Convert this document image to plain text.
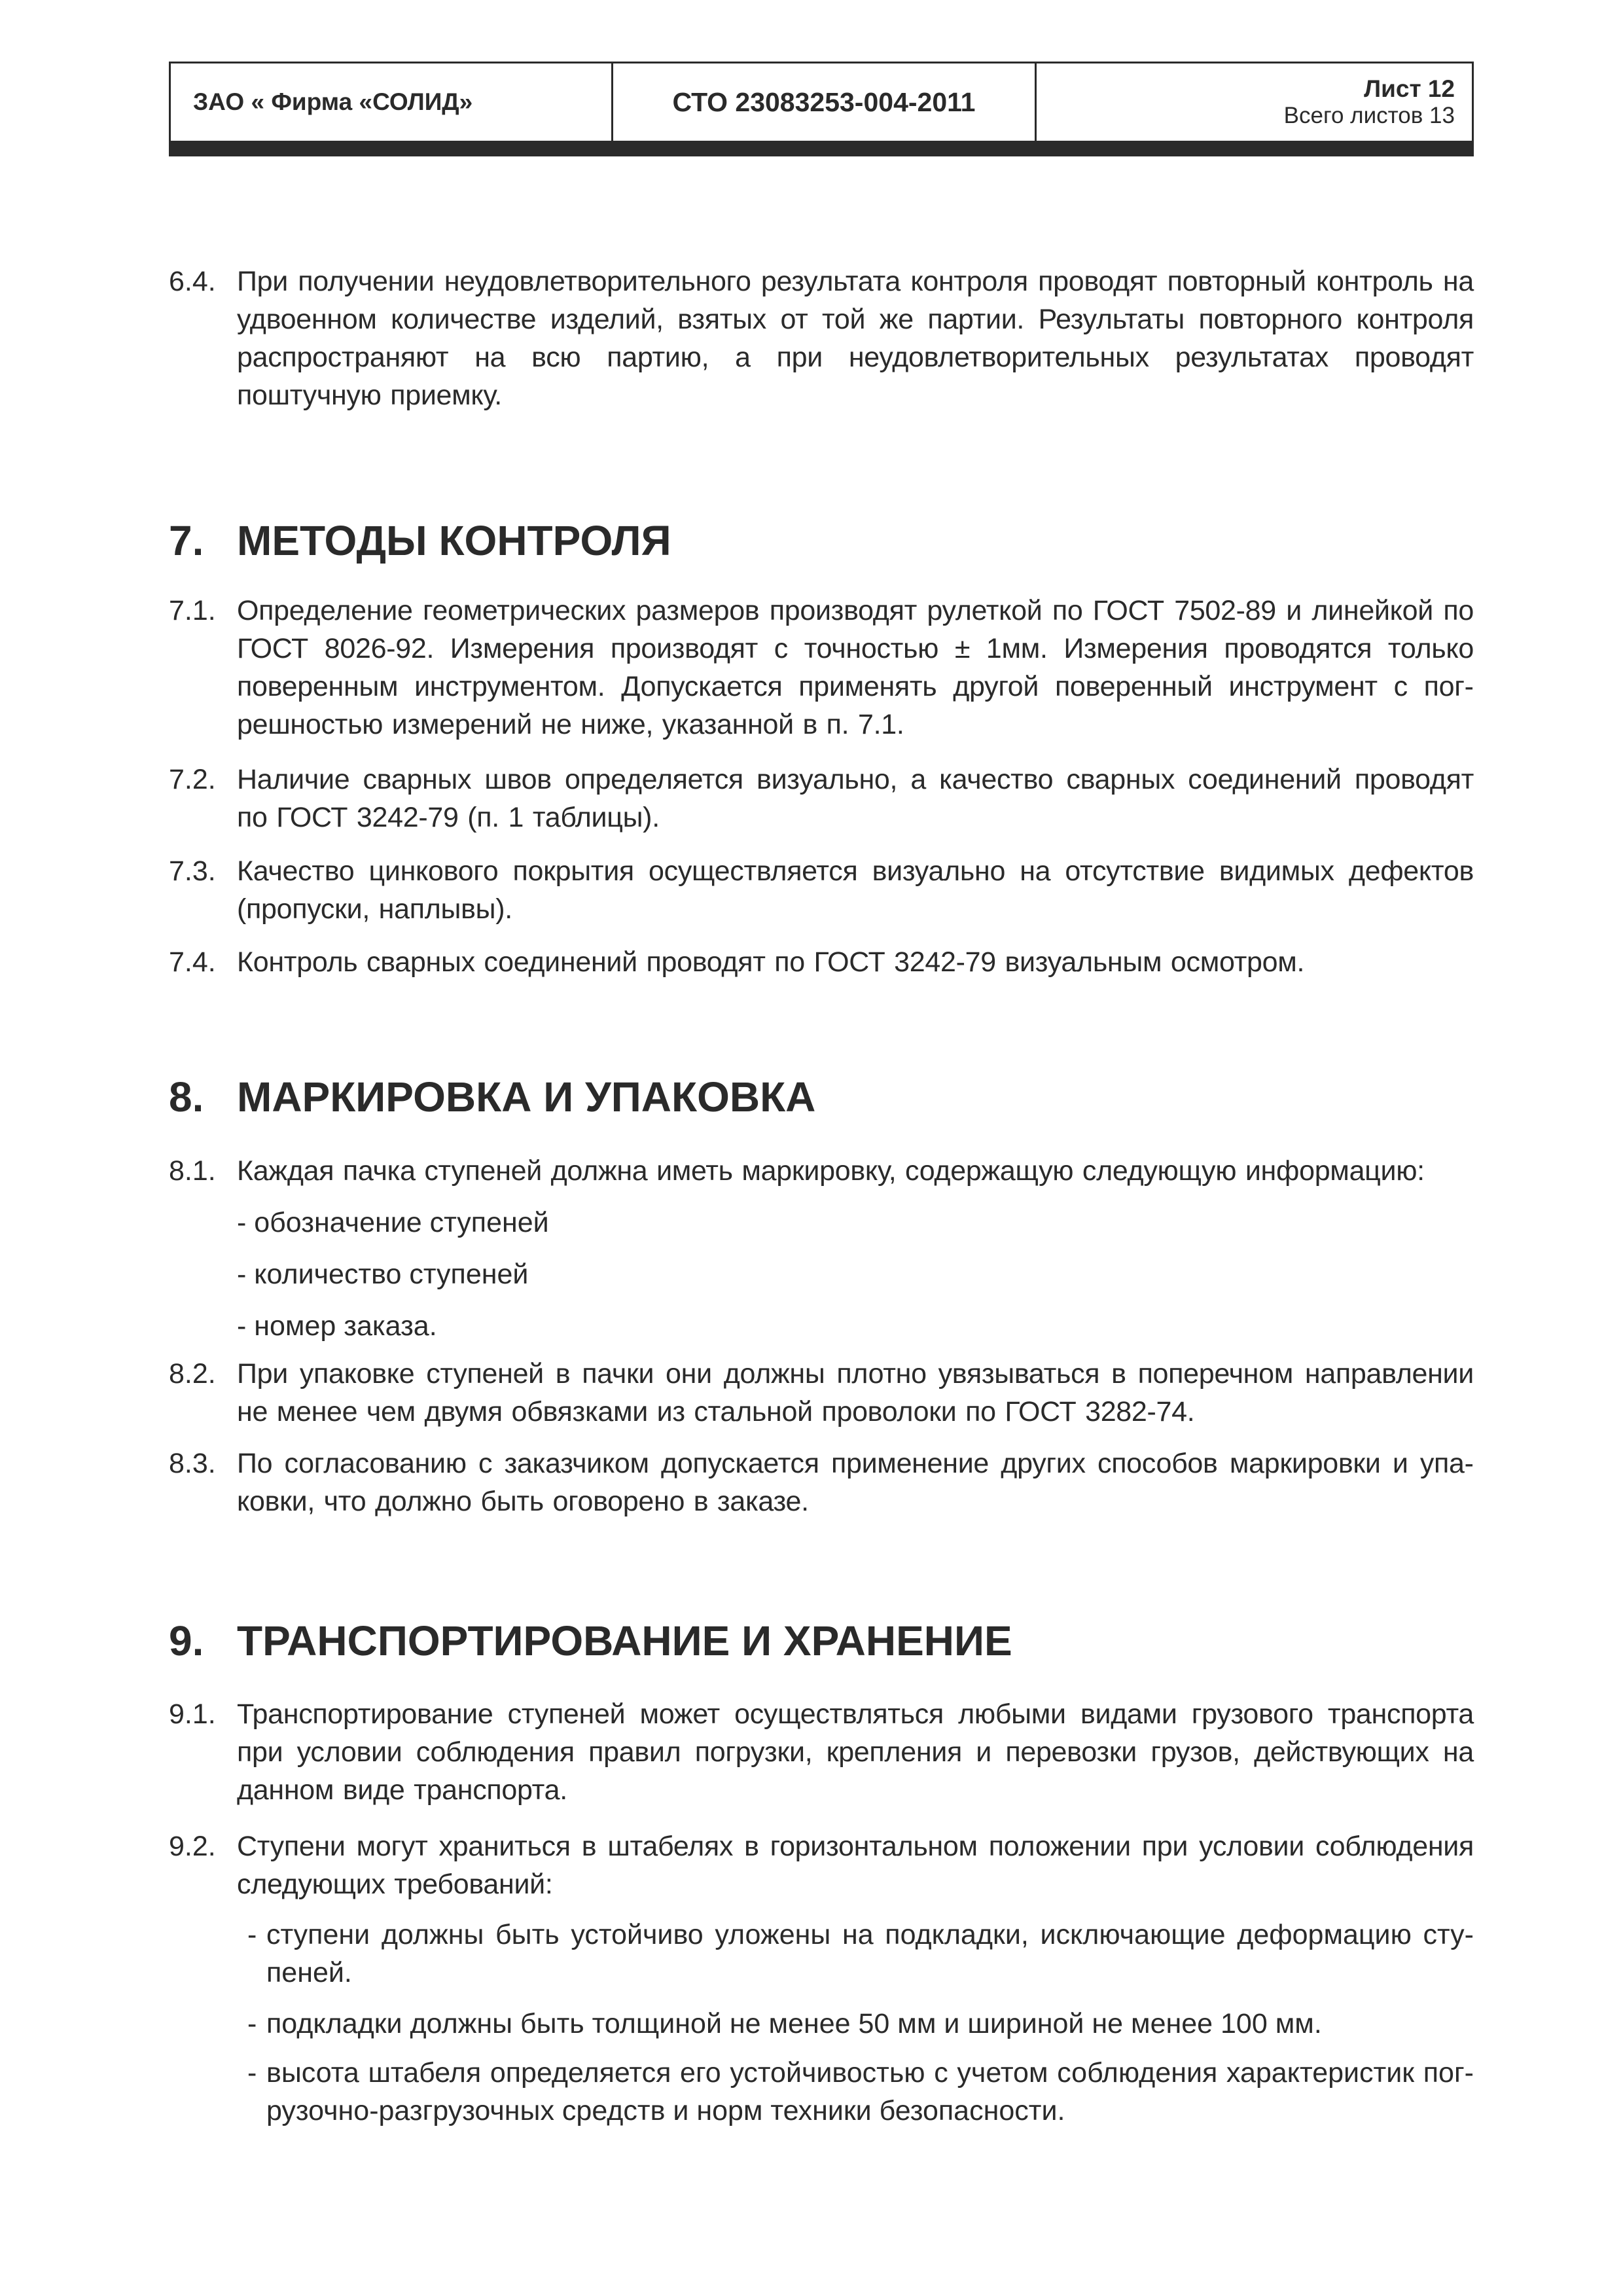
ЗАО « Фирма «СОЛИД»	СТО 23083253-004-2011	Лист 12
Всего листов 13
6.4. При получении неудовлетворительного результата контроля проводят повторный контроль на удвоенном количестве изделий, взятых от той же партии. Результаты повторного контроля распространяют на всю партию, а при неудовлетворительных результатах проводят поштучную приемку.
7. МЕТОДЫ КОНТРОЛЯ
7.1. Определение геометрических размеров производят рулеткой по ГОСТ 7502-89 и линейкой по ГОСТ 8026-92. Измерения производят с точностью ± 1мм. Измерения проводятся только поверенным инструментом. Допускается применять другой поверенный инструмент с погрешностью измерений не ниже, указанной в п. 7.1.
7.2. Наличие сварных швов определяется визуально, а качество сварных соединений проводят по ГОСТ 3242-79 (п. 1 таблицы).
7.3. Качество цинкового покрытия осуществляется визуально на отсутствие видимых дефектов (пропуски, наплывы).
7.4. Контроль сварных соединений проводят по ГОСТ 3242-79 визуальным осмотром.
8. МАРКИРОВКА И УПАКОВКА
8.1. Каждая пачка ступеней должна иметь маркировку, содержащую следующую информацию:
- обозначение ступеней
- количество ступеней
- номер заказа.
8.2. При упаковке ступеней в пачки они должны плотно увязываться в поперечном направлении не менее чем двумя обвязками из стальной проволоки по ГОСТ 3282-74.
8.3. По согласованию с заказчиком допускается применение других способов маркировки и упаковки, что должно быть оговорено в заказе.
9. ТРАНСПОРТИРОВАНИЕ И ХРАНЕНИЕ
9.1. Транспортирование ступеней может осуществляться любыми видами грузового транспорта при условии соблюдения правил погрузки, крепления и перевозки грузов, действующих на данном виде транспорта.
9.2. Ступени могут храниться в штабелях в горизонтальном положении при условии соблюдения следующих требований:
- ступени должны быть устойчиво уложены на подкладки, исключающие деформацию ступеней.
- подкладки должны быть толщиной не менее 50 мм и шириной не менее 100 мм.
- высота штабеля определяется его устойчивостью с учетом соблюдения характеристик погрузочно-разгрузочных средств и норм техники безопасности.
